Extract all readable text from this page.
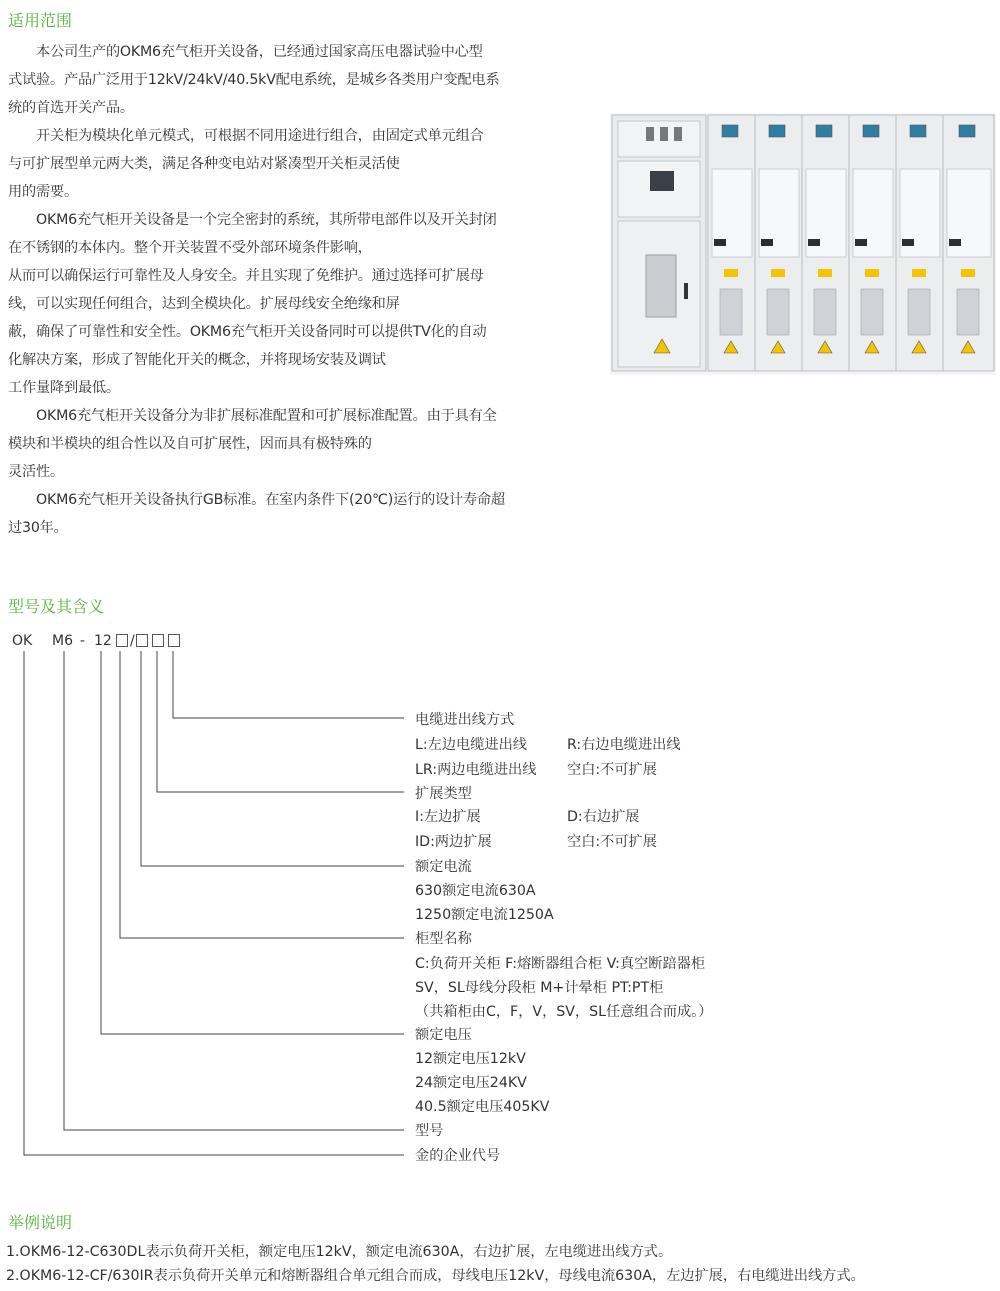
适用范围

本公司生产的OKM6充气柜开关设备，已经通过国家高压电器试验中心型
式试验。产品广泛用于12kV/24kV/40.5kV配电系统，是城乡各类用户变配电系
统的首选开关产品。

开关柜为模块化单元模式，可根据不同用途进行组合，由固定式单元组合
与可扩展型单元两大类，满足各种变电站对紧凑型开关柜灵活使
用的需要。

OKM6充气柜开关设备是一个完全密封的系统，其所带电部件以及开关封闭
在不锈钢的本体内。整个开关装置不受外部环境条件影响，
从而可以确保运行可靠性及人身安全。并且实现了免维护。通过选择可扩展母
线，可以实现任何组合，达到全模块化。扩展母线安全绝缘和屏
蔽，确保了可靠性和安全性。OKM6充气柜开关设备同时可以提供TV化的自动
化解决方案，形成了智能化开关的概念，并将现场安装及调试
工作量降到最低。

OKM6充气柜开关设备分为非扩展标准配置和可扩展标准配置。由于具有全
模块和半模块的组合性以及自可扩展性，因而具有极特殊的
灵活性。

OKM6充气柜开关设备执行GB标准。在室内条件下(20℃)运行的设计寿命超
过30年。

型号及其含义
OK M6 - 12 /
电缆进出线方式
L:左边电缆进出线	R:右边电缆进出线
LR:两边电缆进出线 空白:不可扩展
扩展类型
I:左边扩展	D:右边扩展
ID:两边扩展	空白:不可扩展
额定电流
630额定电流630A
1250额定电流1250A
柜型名称
C:负荷开关柜 F:熔断器组合柜 V:真空断踣器柜
SV，SL母线分段柜 M+计晕柜 PT:PT柜
（共箱柜由C，F，V，SV，SL任意组合而成。）
额定电压
12额定电压12kV
24额定电压24KV
40.5额定电压405KV
型号
金的企业代号
举例说明
1.OKM6-12-C630DL表示负荷开关柜，额定电压12kV，额定电流630A，右边扩展，左电缆进出线方式。
2.OKM6-12-CF/630IR表示负荷开关单元和熔断器组合单元组合而成，母线电压12kV，母线电流630A，左边扩展，右电缆进出线方式。
